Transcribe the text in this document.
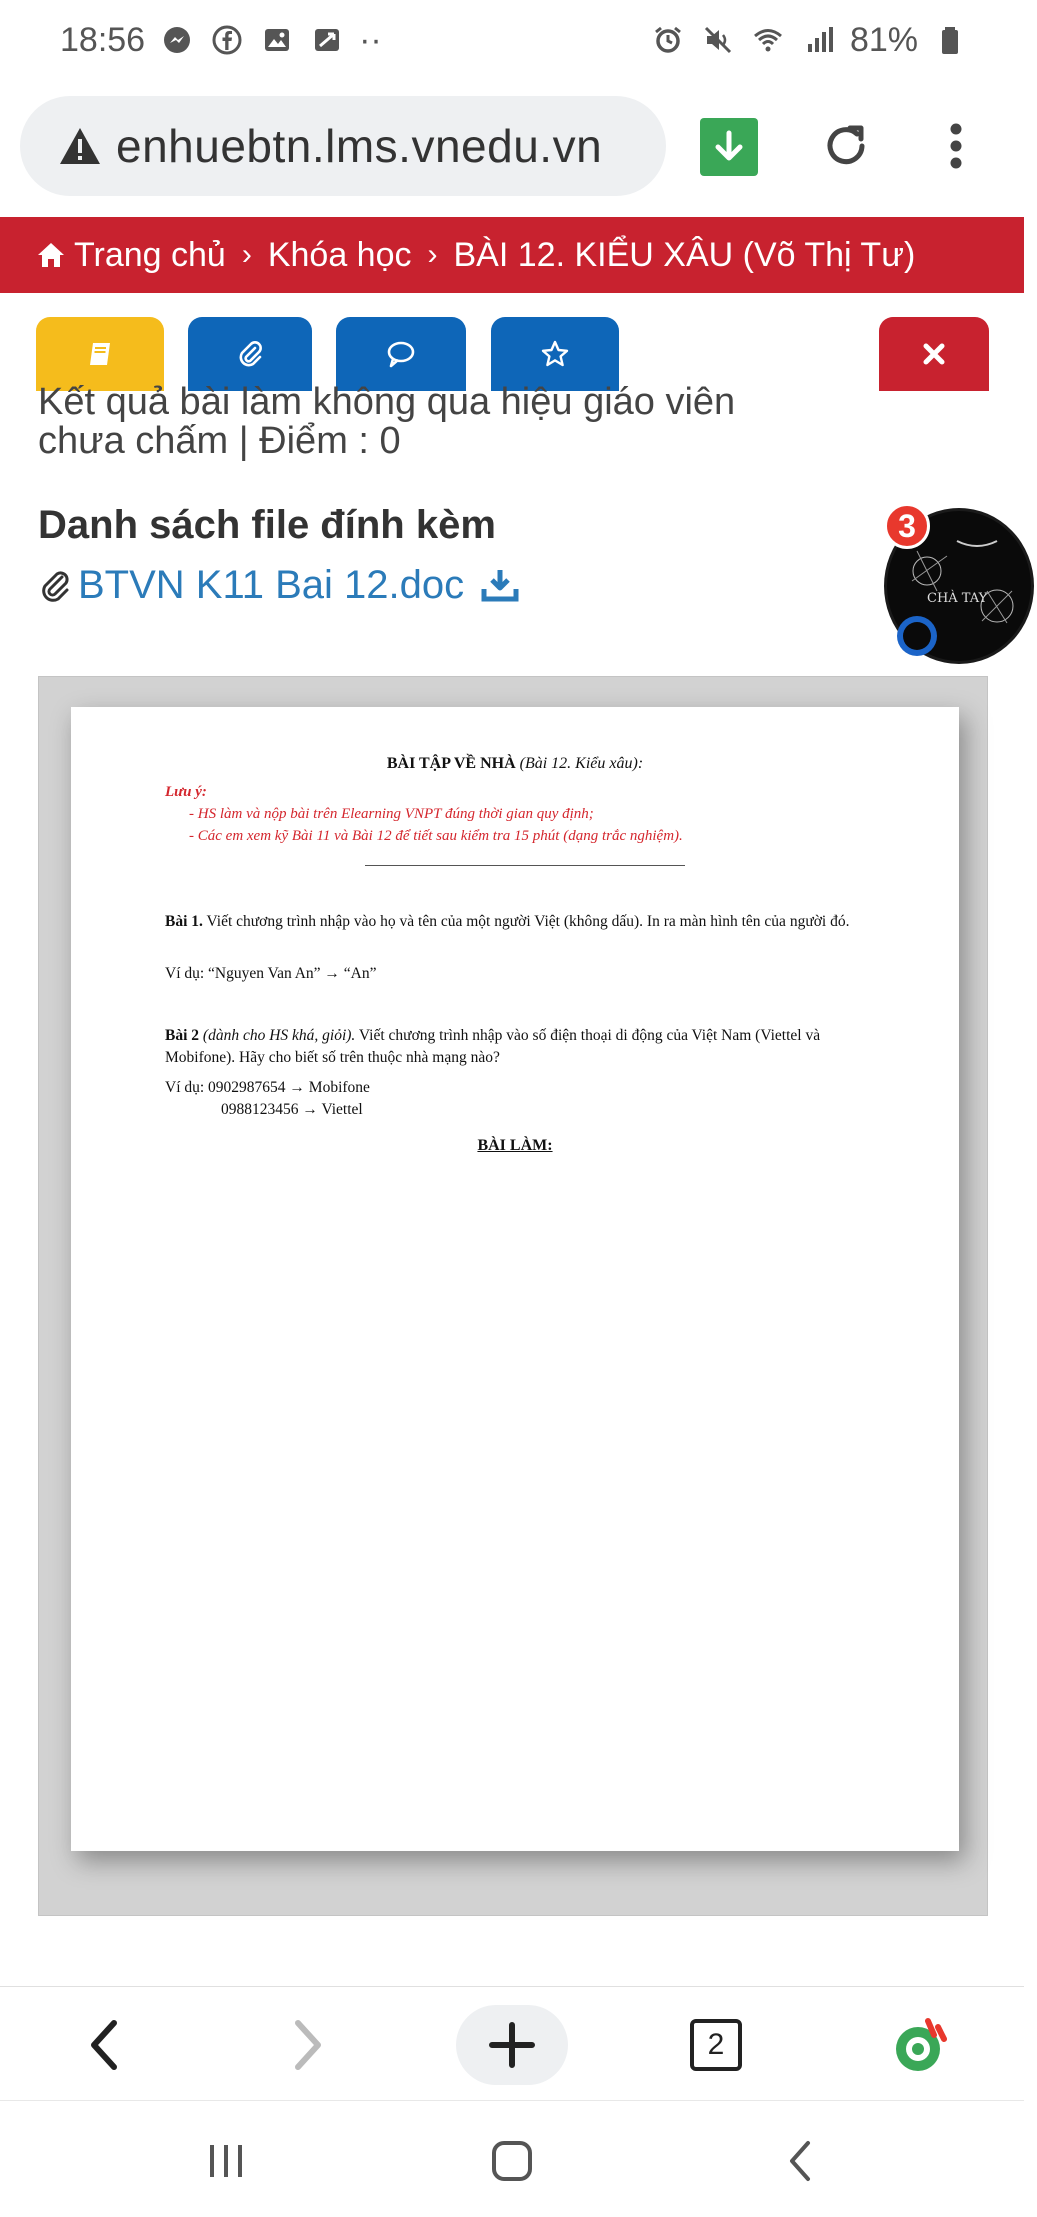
18:56	··	81%
enhuebtn.lms.vnedu.vn
Trang chủ › Khóa học › BÀI 12. KIỂU XÂU (Võ Thị Tư)
Kết quả bài làm không qua hiệu giáo viên
chưa chấm | Điểm : 0
Danh sách file đính kèm
BTVN K11 Bai 12.doc	CHÀ TAY
3
BÀI TẬP VỀ NHÀ (Bài 12. Kiểu xâu):
Lưu ý:
- HS làm và nộp bài trên Elearning VNPT đúng thời gian quy định;
- Các em xem kỹ Bài 11 và Bài 12 để tiết sau kiểm tra 15 phút (dạng trắc nghiệm).
Bài 1. Viết chương trình nhập vào họ và tên của một người Việt (không dấu). In ra màn hình tên của người đó.
Ví dụ: “Nguyen Van An” → “An”
Bài 2 (dành cho HS khá, giỏi). Viết chương trình nhập vào số điện thoại di động của Việt Nam (Viettel và Mobifone). Hãy cho biết số trên thuộc nhà mạng nào?
Ví dụ: 0902987654 → Mobifone
0988123456 → Viettel
BÀI LÀM:
2
